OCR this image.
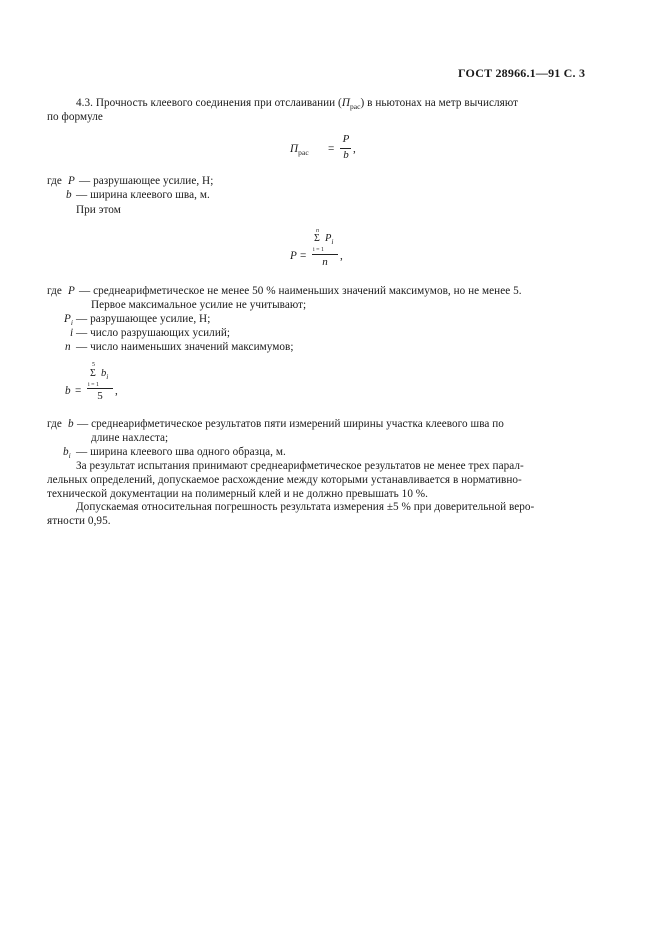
ГОСТ 28966.1—91 С. 3
4.3. Прочность клеевого соединения при отслаивании $(П_{рас})$ в ньютонах на метр вычисляют
по формуле
$П_{рас}$ =
P
b ,
где P — разрушающее усилие, Н;
b — ширина клеевого шва, м.
При этом
P =
n
Σ $P_i$
i = 1
n	,
где P — среднеарифметическое не менее 50 % наименьших значений максимумов, но не менее 5.
Первое максимальное усилие не учитывают;
$P_i$ — разрушающее усилие, Н;
i — число разрушающих усилий;
n — число наименьших значений максимумов;
b =
5
Σ $b_i$
i = 1
5	,
где b — среднеарифметическое результатов пяти измерений ширины участка клеевого шва по
длине нахлеста;
$b_i$ — ширина клеевого шва одного образца, м.
За результат испытания принимают среднеарифметическое результатов не менее трех парал-
лельных определений, допускаемое расхождение между которыми устанавливается в нормативно-
технической документации на полимерный клей и не должно превышать 10 %.
Допускаемая относительная погрешность результата измерения ±5 % при доверительной веро-
ятности 0,95.
